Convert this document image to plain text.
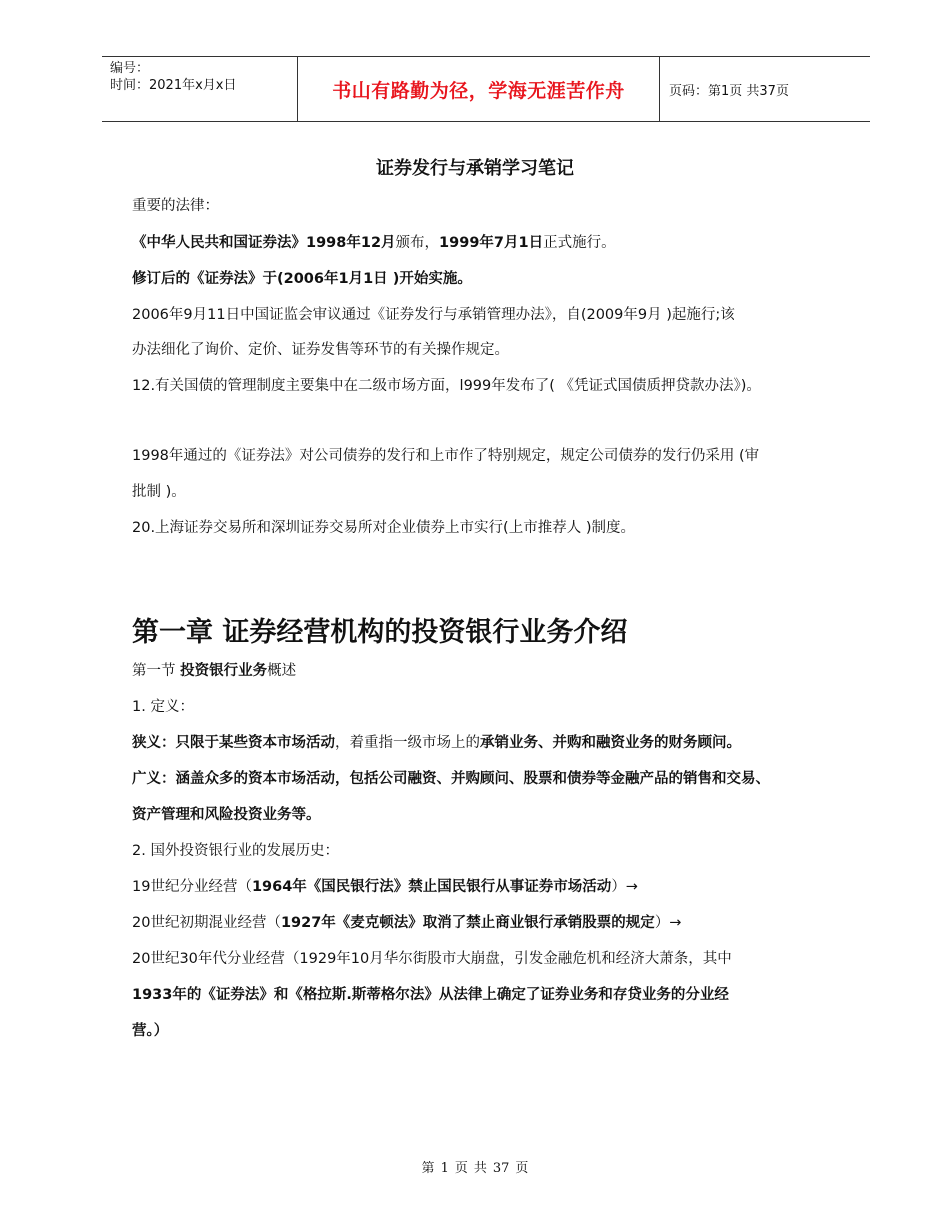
编号：
时间：2021年x月x日	书山有路勤为径，学海无涯苦作舟	页码：第1页 共37页
证券发行与承销学习笔记

重要的法律：

《中华人民共和国证券法》1998年12月颁布，1999年7月1日正式施行。

修订后的《证券法》于(2006年1月1日 )开始实施。

2006年9月11日中国证监会审议通过《证券发行与承销管理办法》，自(2009年9月 )起施行;该

办法细化了询价、定价、证券发售等环节的有关操作规定。

12.有关国债的管理制度主要集中在二级市场方面，l999年发布了( 《凭证式国债质押贷款办法》)。

1998年通过的《证券法》对公司债券的发行和上市作了特别规定，规定公司债券的发行仍采用 (审

批制 )。

20.上海证券交易所和深圳证券交易所对企业债券上市实行(上市推荐人 )制度。

第一章 证券经营机构的投资银行业务介绍

第一节 投资银行业务概述

1. 定义：

狭义：只限于某些资本市场活动，着重指一级市场上的承销业务、并购和融资业务的财务顾问。

广义：涵盖众多的资本市场活动，包括公司融资、并购顾问、股票和债券等金融产品的销售和交易、

资产管理和风险投资业务等。

2. 国外投资银行业的发展历史：

19世纪分业经营（1964年《国民银行法》禁止国民银行从事证券市场活动）→

20世纪初期混业经营（1927年《麦克顿法》取消了禁止商业银行承销股票的规定）→

20世纪30年代分业经营（1929年10月华尔街股市大崩盘，引发金融危机和经济大萧条，其中

1933年的《证券法》和《格拉斯.斯蒂格尔法》从法律上确定了证券业务和存贷业务的分业经

营。）

第 1 页 共 37 页
